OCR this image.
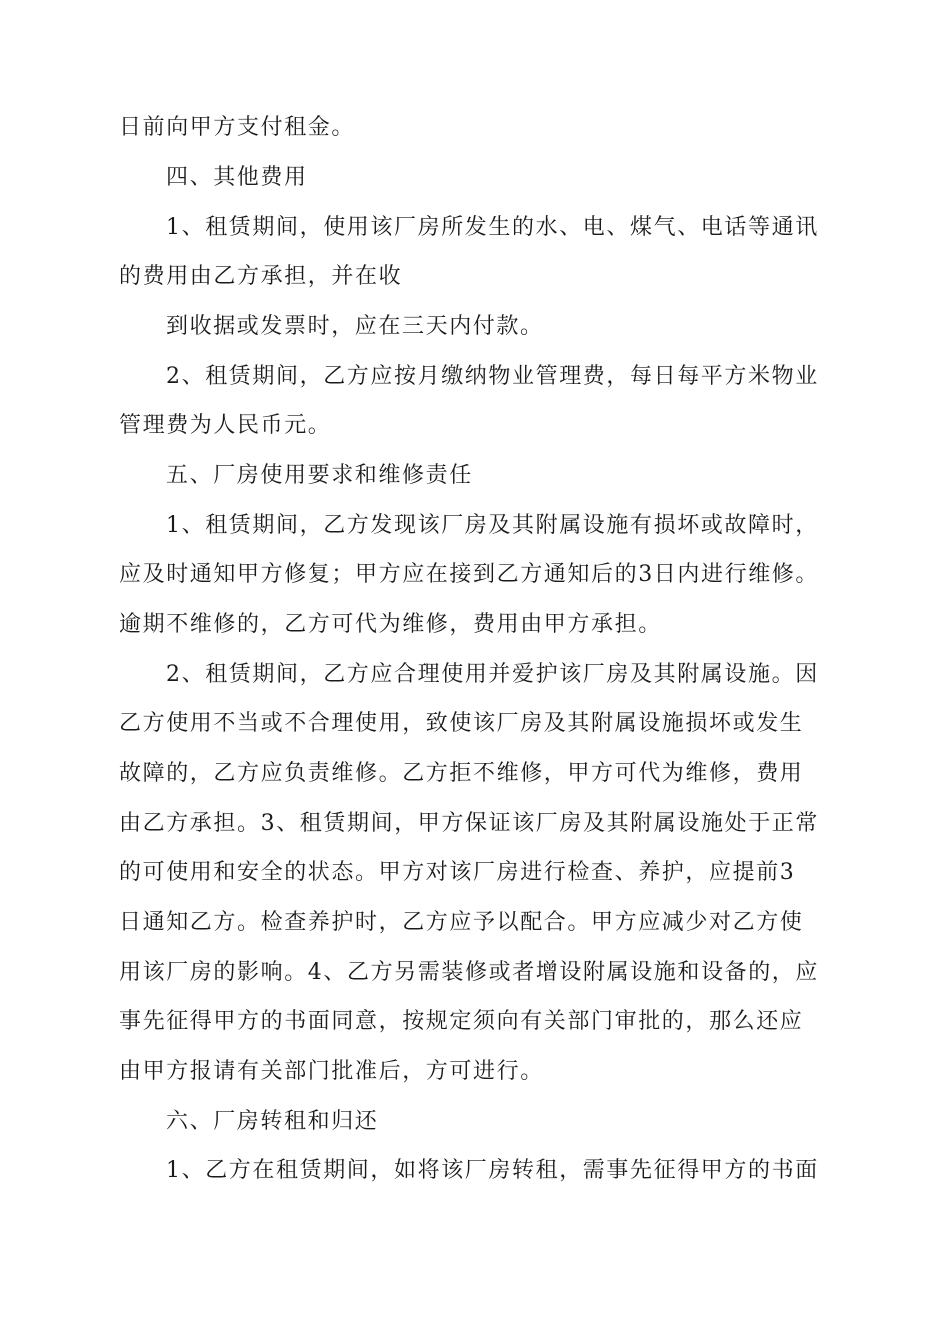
日前向甲方支付租金。
四、其他费用
1、租赁期间，使用该厂房所发生的水、电、煤气、电话等通讯
的费用由乙方承担，并在收
到收据或发票时，应在三天内付款。
2、租赁期间，乙方应按月缴纳物业管理费，每日每平方米物业
管理费为人民币元。
五、厂房使用要求和维修责任
1、租赁期间，乙方发现该厂房及其附属设施有损坏或故障时，
应及时通知甲方修复；甲方应在接到乙方通知后的3日内进行维修。
逾期不维修的，乙方可代为维修，费用由甲方承担。
2、租赁期间，乙方应合理使用并爱护该厂房及其附属设施。因
乙方使用不当或不合理使用，致使该厂房及其附属设施损坏或发生
故障的，乙方应负责维修。乙方拒不维修，甲方可代为维修，费用
由乙方承担。3、租赁期间，甲方保证该厂房及其附属设施处于正常
的可使用和安全的状态。甲方对该厂房进行检查、养护，应提前3
日通知乙方。检查养护时，乙方应予以配合。甲方应减少对乙方使
用该厂房的影响。4、乙方另需装修或者增设附属设施和设备的，应
事先征得甲方的书面同意，按规定须向有关部门审批的，那么还应
由甲方报请有关部门批准后，方可进行。
六、厂房转租和归还
1、乙方在租赁期间，如将该厂房转租，需事先征得甲方的书面
